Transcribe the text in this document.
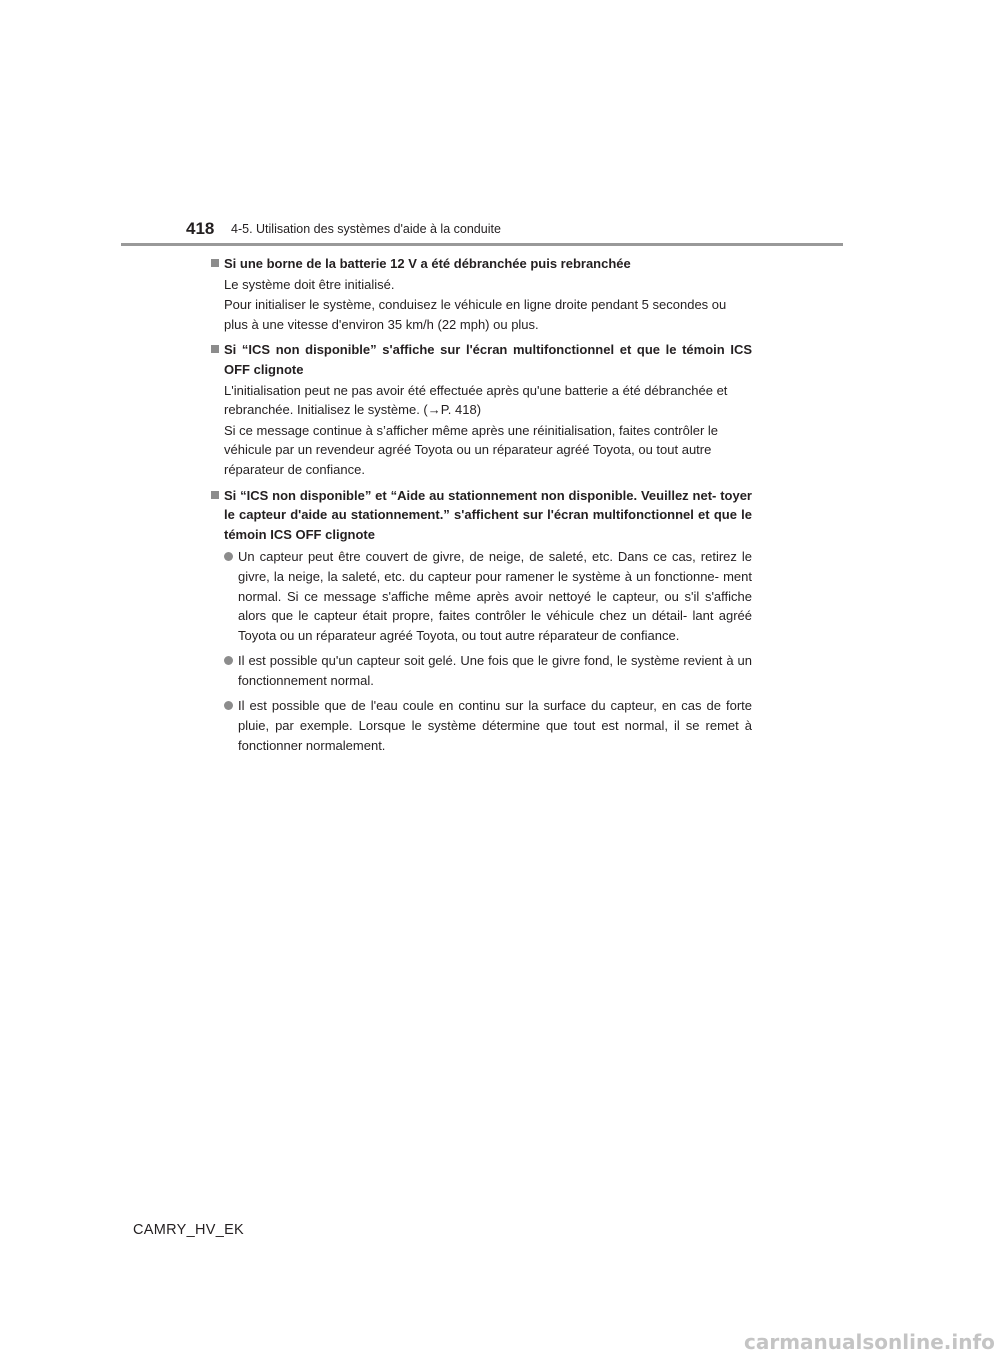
418 4-5. Utilisation des systèmes d'aide à la conduite
Si une borne de la batterie 12 V a été débranchée puis rebranchée

Le système doit être initialisé.

Pour initialiser le système, conduisez le véhicule en ligne droite pendant 5 secondes ou plus à une vitesse d'environ 35 km/h (22 mph) ou plus.

Si “ICS non disponible” s'affiche sur l'écran multifonctionnel et que le témoin ICS OFF clignote

L'initialisation peut ne pas avoir été effectuée après qu'une batterie a été débranchée et rebranchée. Initialisez le système. (→P. 418)

Si ce message continue à s’afficher même après une réinitialisation, faites contrôler le véhicule par un revendeur agréé Toyota ou un réparateur agréé Toyota, ou tout autre réparateur de confiance.

Si “ICS non disponible” et “Aide au stationnement non disponible. Veuillez net- toyer le capteur d'aide au stationnement.” s'affichent sur l'écran multifonctionnel et que le témoin ICS OFF clignote
Un capteur peut être couvert de givre, de neige, de saleté, etc. Dans ce cas, retirez le givre, la neige, la saleté, etc. du capteur pour ramener le système à un fonctionne- ment normal. Si ce message s'affiche même après avoir nettoyé le capteur, ou s'il s'affiche alors que le capteur était propre, faites contrôler le véhicule chez un détail- lant agréé Toyota ou un réparateur agréé Toyota, ou tout autre réparateur de confiance.
Il est possible qu'un capteur soit gelé. Une fois que le givre fond, le système revient à un fonctionnement normal.
Il est possible que de l'eau coule en continu sur la surface du capteur, en cas de forte pluie, par exemple. Lorsque le système détermine que tout est normal, il se remet à fonctionner normalement.
CAMRY_HV_EK
carmanualsonline.info
